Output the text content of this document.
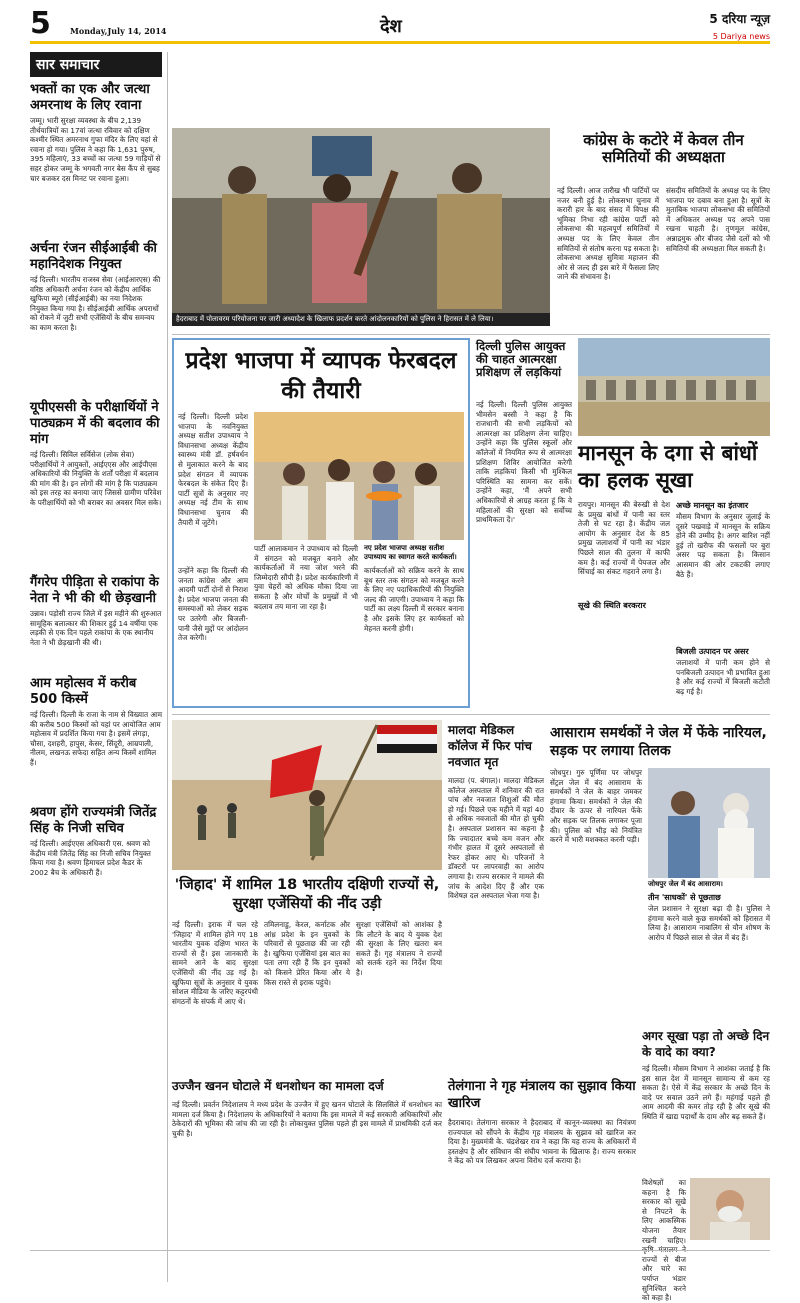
5 Monday,July 14, 2014	देश	5 दरिया न्यूज़
5 Dariya news
सार समाचार
भक्तों का एक और जत्था अमरनाथ के लिए रवाना
जम्मू। भारी सुरक्षा व्यवस्था के बीच 2,139 तीर्थयात्रियों का 17वां जत्था रविवार को दक्षिण कश्मीर स्थित अमरनाथ गुफा मंदिर के लिए यहां से रवाना हो गया। पुलिस ने कहा कि 1,631 पुरुष, 395 महिलाएं, 33 बच्चों का जत्था 59 गाड़ियों से सहर होकर जम्मू के भगवती नगर बेस कैंप से सुबह चार बजकर दस मिनट पर रवाना हुआ।
अर्चना रंजन सीईआईबी की महानिदेशक नियुक्त
नई दिल्ली। भारतीय राजस्व सेवा (आईआरएस) की वरिष्ठ अधिकारी अर्चना रंजन को केंद्रीय आर्थिक खुफिया ब्यूरो (सीईआईबी) का नया निदेशक नियुक्त किया गया है। सीईआईबी आर्थिक अपराधों को रोकने में जुटी सभी एजेंसियों के बीच समन्वय का काम करता है।
यूपीएससी के परीक्षार्थियों ने पाठ्यक्रम में की बदलाव की मांग
नई दिल्ली। सिविल सर्विसेज (लोक सेवा) परीक्षार्थियों ने आयुक्तों, आईएएस और आईपीएस अधिकारियों की नियुक्ति के शर्तों परीक्षा में बदलाव की मांग की है। इन लोगों की मांग है कि पाठ्यक्रम को इस तरह का बनाया जाए जिससे ग्रामीण परिवेश के परीक्षार्थियों को भी बराबर का अवसर मिल सके।
गैंगरेप पीड़िता से राकांपा के नेता ने भी की थी छेड़खानी
उन्नाव। पड़ोसी राज्य जिले में इस महीने की शुरुआत सामूहिक बलात्कार की शिकार हुई 14 वर्षीया एक लड़की से एक दिन पहले राकांपा के एक स्थानीय नेता ने भी छेड़खानी की थी।
आम महोत्सव में करीब 500 किस्में
नई दिल्ली। दिल्ली के राजा के नाम से विख्यात आम की करीब 500 किस्मों को यहां पर आयोजित आम महोत्सव में प्रदर्शित किया गया है। इसमें लंगड़ा, चौसा, दशहरी, हापुस, केसर, सिंदूरी, आम्रपाली, नीलम, लखनऊ सफेदा सहित अन्य किस्में शामिल हैं।
श्रवण होंगे राज्यमंत्री जितेंद्र सिंह के निजी सचिव
नई दिल्ली। आईएएस अधिकारी एस. श्रवण को केंद्रीय मंत्री जितेंद्र सिंह का निजी सचिव नियुक्त किया गया है। श्रवण हिमाचल प्रदेश कैडर के 2002 बैच के अधिकारी हैं।
हैदराबाद में पोलावरम परियोजना पर जारी अध्यादेश के खिलाफ प्रदर्शन करते आंदोलनकारियों को पुलिस ने हिरासत में ले लिया।
कांग्रेस के कटोरे में केवल तीन समितियों की अध्यक्षता
नई दिल्ली। आज तारीख भी पार्टियों पर नजर बनी हुई है। लोकसभा चुनाव में करारी हार के बाद संसद में विपक्ष की भूमिका निभा रही कांग्रेस पार्टी को लोकसभा की महत्वपूर्ण समितियों में अध्यक्ष पद के लिए केवल तीन समितियों से संतोष करना पड़ सकता है। लोकसभा अध्यक्ष सुमित्रा महाजन की ओर से जल्द ही इस बारे में फैसला लिए जाने की संभावना है।
संसदीय समितियों के अध्यक्ष पद के लिए भाजपा पर दबाव बना हुआ है। सूत्रों के मुताबिक भाजपा लोकसभा की समितियों में अधिकतर अध्यक्ष पद अपने पास रखना चाहती है। तृणमूल कांग्रेस, अन्नाद्रमुक और बीजद जैसे दलों को भी समितियों की अध्यक्षता मिल सकती है।
प्रदेश भाजपा में व्यापक फेरबदल की तैयारी
नई दिल्ली। दिल्ली प्रदेश भाजपा के नवनियुक्त अध्यक्ष सतीश उपाध्याय ने विधानसभा अध्यक्ष केंद्रीय स्वास्थ्य मंत्री डॉ. हर्षवर्धन से मुलाकात करने के बाद प्रदेश संगठन में व्यापक फेरबदल के संकेत दिए हैं। पार्टी सूत्रों के अनुसार नए अध्यक्ष नई टीम के साथ विधानसभा चुनाव की तैयारी में जुटेंगे।
पार्टी आलाकमान ने उपाध्याय को दिल्ली में संगठन को मजबूत बनाने और कार्यकर्ताओं में नया जोश भरने की जिम्मेदारी सौंपी है। प्रदेश कार्यकारिणी में युवा चेहरों को अधिक मौका दिया जा सकता है और मोर्चों के प्रमुखों में भी बदलाव तय माना जा रहा है।
नए प्रदेश भाजपा अध्यक्ष सतीश उपाध्याय का स्वागत करते कार्यकर्ता।
कार्यकर्ताओं को सक्रिय करने के साथ बूथ स्तर तक संगठन को मजबूत करने के लिए नए पदाधिकारियों की नियुक्ति जल्द की जाएगी। उपाध्याय ने कहा कि पार्टी का लक्ष्य दिल्ली में सरकार बनाना है और इसके लिए हर कार्यकर्ता को मेहनत करनी होगी।
उन्होंने कहा कि दिल्ली की जनता कांग्रेस और आम आदमी पार्टी दोनों से निराश है। प्रदेश भाजपा जनता की समस्याओं को लेकर सड़क पर उतरेगी और बिजली-पानी जैसे मुद्दों पर आंदोलन तेज करेगी।
दिल्ली पुलिस आयुक्त की चाहत आत्मरक्षा प्रशिक्षण लें लड़कियां
नई दिल्ली। दिल्ली पुलिस आयुक्त भीमसेन बस्सी ने कहा है कि राजधानी की सभी लड़कियों को आत्मरक्षा का प्रशिक्षण लेना चाहिए। उन्होंने कहा कि पुलिस स्कूलों और कॉलेजों में नियमित रूप से आत्मरक्षा प्रशिक्षण शिविर आयोजित करेगी ताकि लड़कियां किसी भी मुश्किल परिस्थिति का सामना कर सकें। उन्होंने कहा, 'मैं अपने सभी अधिकारियों से आग्रह करता हूं कि वे महिलाओं की सुरक्षा को सर्वोच्च प्राथमिकता दें।'
मानसून के दगा से बांधों का हलक सूखा
रायपुर। मानसून की बेरुखी से देश के प्रमुख बांधों में पानी का स्तर तेजी से घट रहा है। केंद्रीय जल आयोग के अनुसार देश के 85 प्रमुख जलाशयों में पानी का भंडार पिछले साल की तुलना में काफी कम है। कई राज्यों में पेयजल और सिंचाई का संकट गहराने लगा है।
सूखे की स्थिति बरकरार
अच्छे मानसून का इंतजार
मौसम विभाग के अनुसार जुलाई के दूसरे पखवाड़े में मानसून के सक्रिय होने की उम्मीद है। अगर बारिश नहीं हुई तो खरीफ की फसलों पर बुरा असर पड़ सकता है। किसान आसमान की ओर टकटकी लगाए बैठे हैं।
बिजली उत्पादन पर असर
जलाशयों में पानी कम होने से पनबिजली उत्पादन भी प्रभावित हुआ है और कई राज्यों में बिजली कटौती बढ़ गई है।
'जिहाद' में शामिल 18 भारतीय दक्षिणी राज्यों से, सुरक्षा एजेंसियों की नींद उड़ी
नई दिल्ली। इराक में चल रहे 'जिहाद' में शामिल होने गए 18 भारतीय युवक दक्षिण भारत के राज्यों से हैं। इस जानकारी के सामने आने के बाद सुरक्षा एजेंसियों की नींद उड़ गई है। खुफिया सूत्रों के अनुसार ये युवक सोशल मीडिया के जरिए कट्टरपंथी संगठनों के संपर्क में आए थे।
तमिलनाडु, केरल, कर्नाटक और आंध्र प्रदेश के इन युवकों के परिवारों से पूछताछ की जा रही है। खुफिया एजेंसियां इस बात का पता लगा रही हैं कि इन युवकों को किसने प्रेरित किया और ये किस रास्ते से इराक पहुंचे।
सुरक्षा एजेंसियों को आशंका है कि लौटने के बाद ये युवक देश की सुरक्षा के लिए खतरा बन सकते हैं। गृह मंत्रालय ने राज्यों को सतर्क रहने का निर्देश दिया है।
मालदा मेडिकल कॉलेज में फिर पांच नवजात मृत
मालदा (प. बंगाल)। मालदा मेडिकल कॉलेज अस्पताल में शनिवार की रात पांच और नवजात शिशुओं की मौत हो गई। पिछले एक महीने में यहां 40 से अधिक नवजातों की मौत हो चुकी है। अस्पताल प्रशासन का कहना है कि ज्यादातर बच्चे कम वजन और गंभीर हालत में दूसरे अस्पतालों से रेफर होकर आए थे। परिजनों ने डॉक्टरों पर लापरवाही का आरोप लगाया है। राज्य सरकार ने मामले की जांच के आदेश दिए हैं और एक विशेषज्ञ दल अस्पताल भेजा गया है।
आसाराम समर्थकों ने जेल में फेंके नारियल, सड़क पर लगाया तिलक
जोधपुर। गुरु पूर्णिमा पर जोधपुर सेंट्रल जेल में बंद आसाराम के समर्थकों ने जेल के बाहर जमकर हंगामा किया। समर्थकों ने जेल की दीवार के ऊपर से नारियल फेंके और सड़क पर तिलक लगाकर पूजा की। पुलिस को भीड़ को नियंत्रित करने में भारी मशक्कत करनी पड़ी।
जोधपुर जेल में बंद आसाराम।
तीन 'साधकों' से पूछताछ
जेल प्रशासन ने सुरक्षा बढ़ा दी है। पुलिस ने हंगामा करने वाले कुछ समर्थकों को हिरासत में लिया है। आसाराम नाबालिग से यौन शोषण के आरोप में पिछले साल से जेल में बंद हैं।
तेलंगाना ने गृह मंत्रालय का सुझाव किया खारिज
हैदराबाद। तेलंगाना सरकार ने हैदराबाद में कानून-व्यवस्था का नियंत्रण राज्यपाल को सौंपने के केंद्रीय गृह मंत्रालय के सुझाव को खारिज कर दिया है। मुख्यमंत्री के. चंद्रशेखर राव ने कहा कि यह राज्य के अधिकारों में हस्तक्षेप है और संविधान की संघीय भावना के खिलाफ है। राज्य सरकार ने केंद्र को पत्र लिखकर अपना विरोध दर्ज कराया है।
अगर सूखा पड़ा तो अच्छे दिन के वादे का क्या?
नई दिल्ली। मौसम विभाग ने आशंका जताई है कि इस साल देश में मानसून सामान्य से कम रह सकता है। ऐसे में केंद्र सरकार के अच्छे दिन के वादे पर सवाल उठने लगे हैं। महंगाई पहले ही आम आदमी की कमर तोड़ रही है और सूखे की स्थिति में खाद्य पदार्थों के दाम और बढ़ सकते हैं।
विशेषज्ञों का कहना है कि सरकार को सूखे से निपटने के लिए आकस्मिक योजना तैयार रखनी चाहिए। राज्यों से बीज और चारे का पर्याप्त भंडार सुनिश्चित करने को कहा है।
उज्जैन खनन घोटाले में धनशोधन का मामला दर्ज
नई दिल्ली। प्रवर्तन निदेशालय ने मध्य प्रदेश के उज्जैन में हुए खनन घोटाले के सिलसिले में धनशोधन का मामला दर्ज किया है। निदेशालय के अधिकारियों ने बताया कि इस मामले में कई सरकारी अधिकारियों और ठेकेदारों की भूमिका की जांच की जा रही है। लोकायुक्त पुलिस पहले ही इस मामले में प्राथमिकी दर्ज कर चुकी है।
